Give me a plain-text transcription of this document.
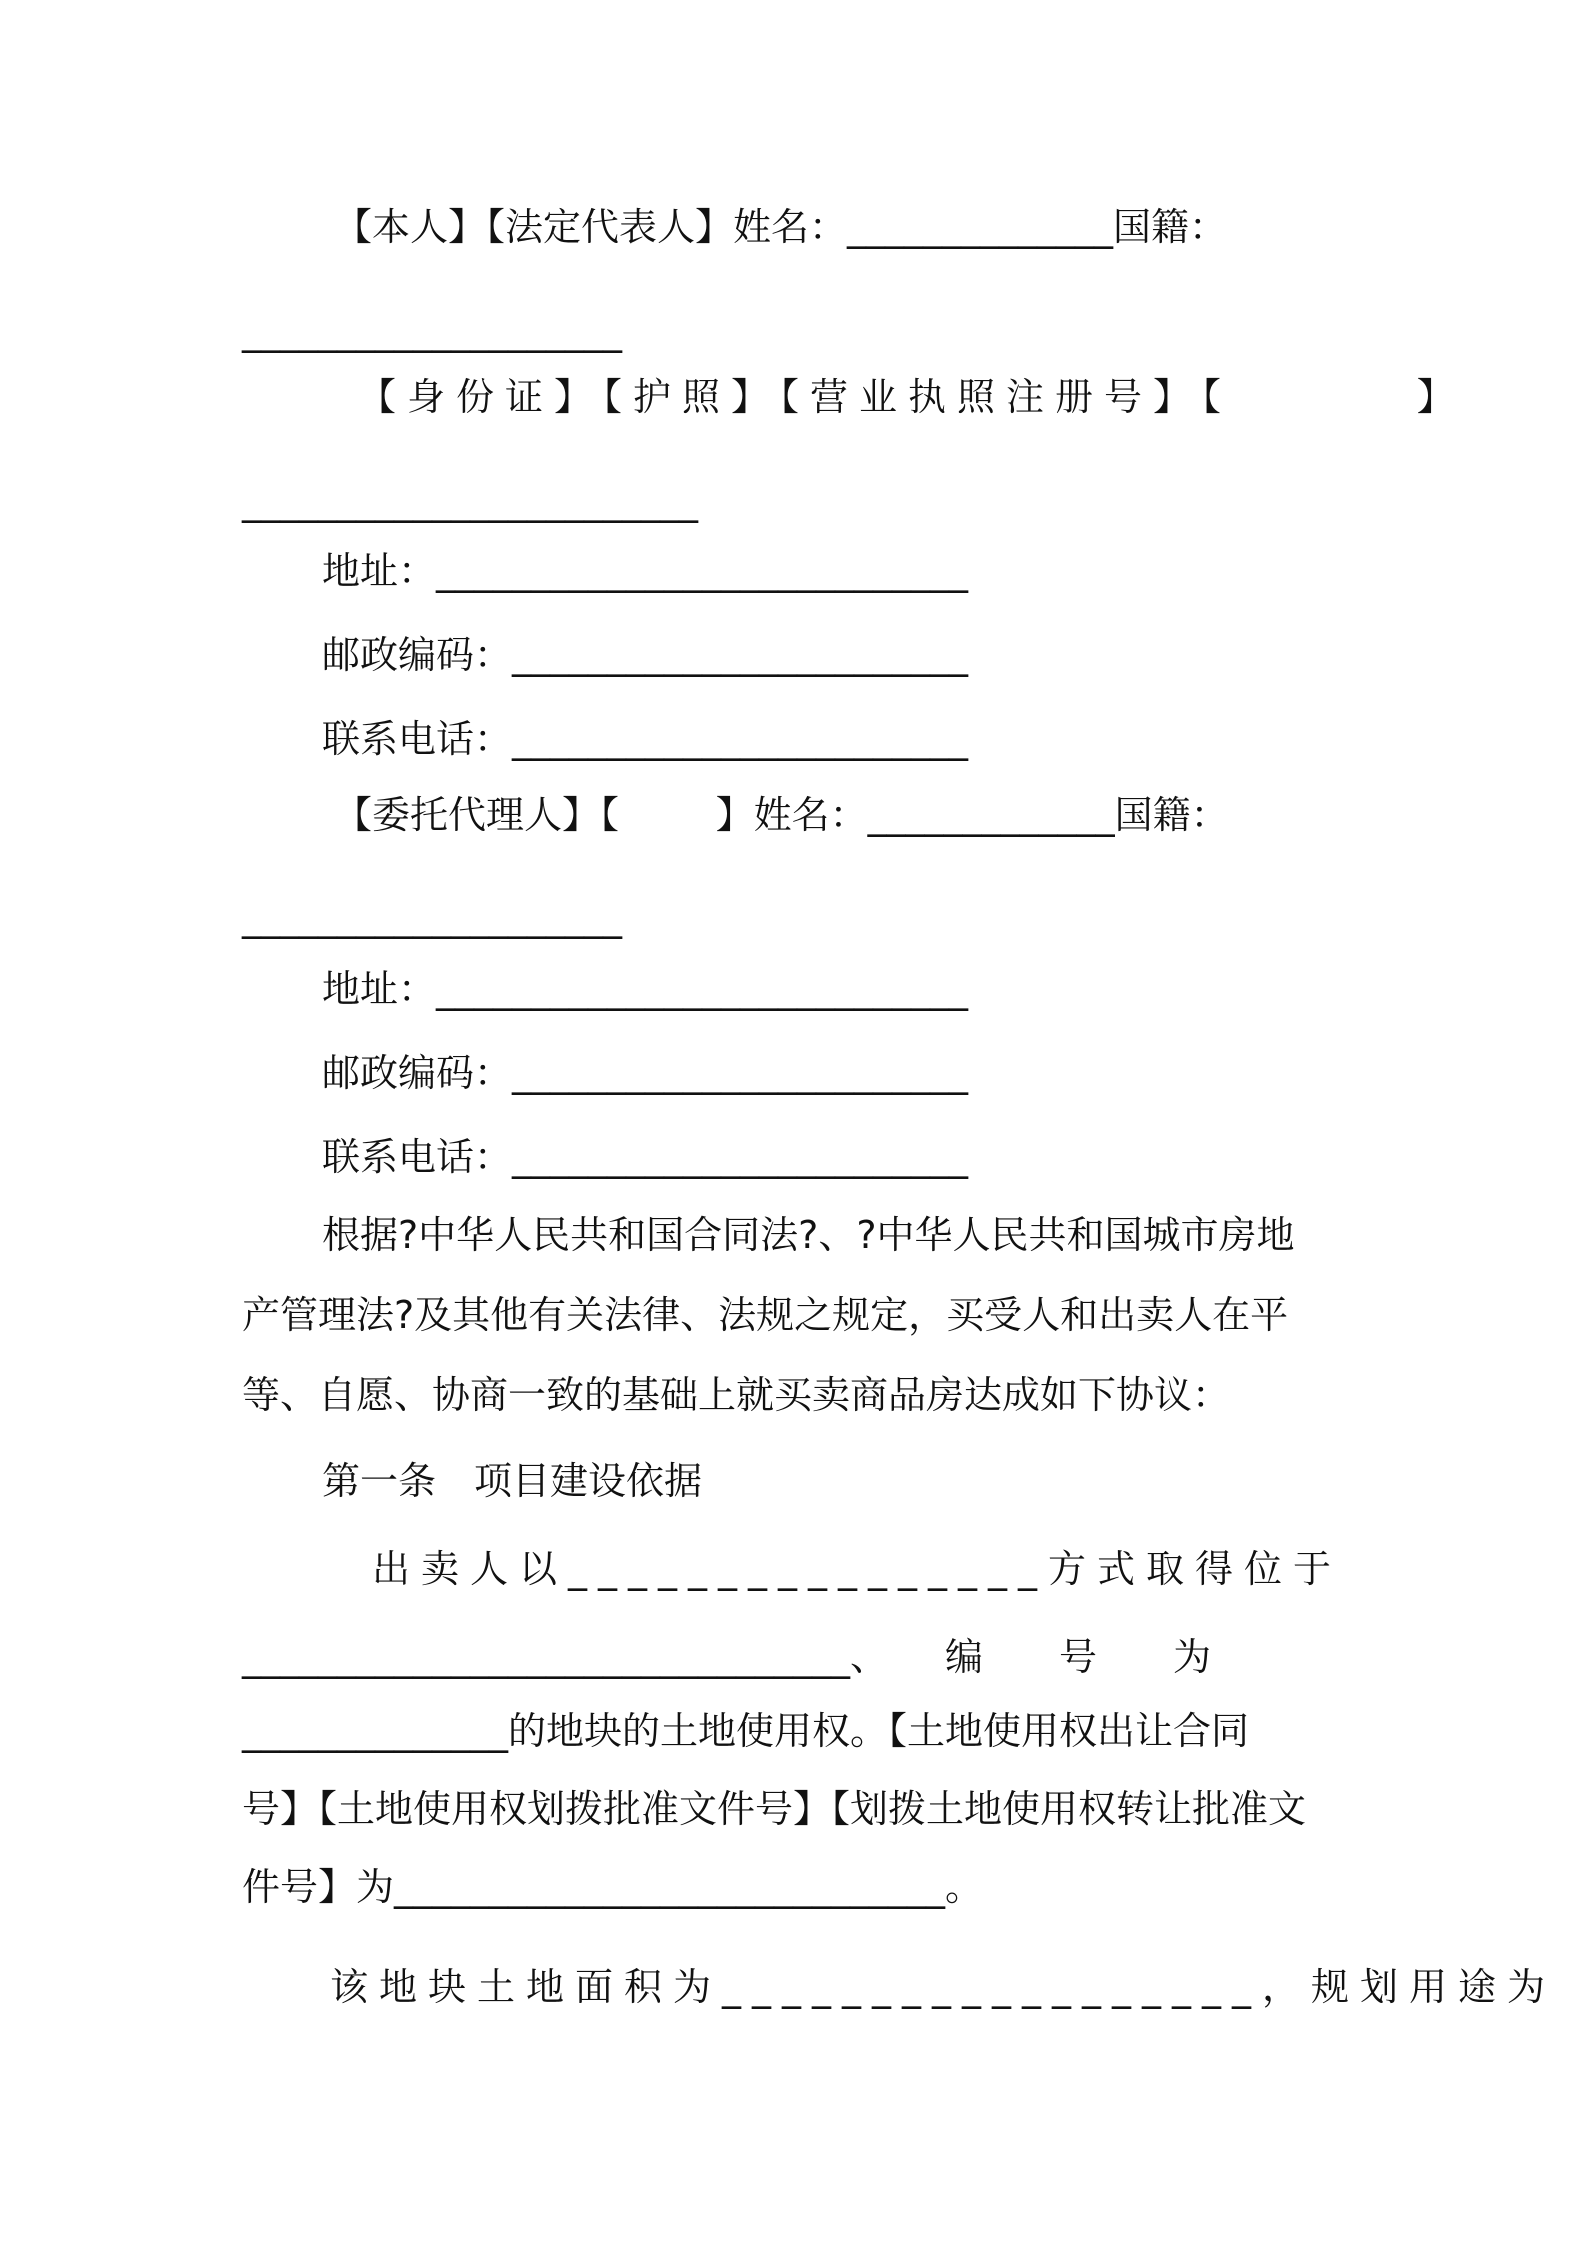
【本人】【法定代表人】姓名：______________国籍：
____________________
【身份证】【护照】【营业执照注册号】【        】
________________________
地址：____________________________
邮政编码：________________________
联系电话：________________________
【委托代理人】【        】姓名：_____________国籍：
____________________
地址：____________________________
邮政编码：________________________
联系电话：________________________
根据?中华人民共和国合同法?、?中华人民共和国城市房地
产管理法?及其他有关法律、法规之规定，买受人和出卖人在平
等、自愿、协商一致的基础上就买卖商品房达成如下协议：
第一条　项目建设依据
出卖人以________________方式取得位于
________________________________、　　编　　号　　为
______________的地块的土地使用权。【土地使用权出让合同
号】【土地使用权划拨批准文件号】【划拨土地使用权转让批准文
件号】为_____________________________。
该地块土地面积为__________________，规划用途为
